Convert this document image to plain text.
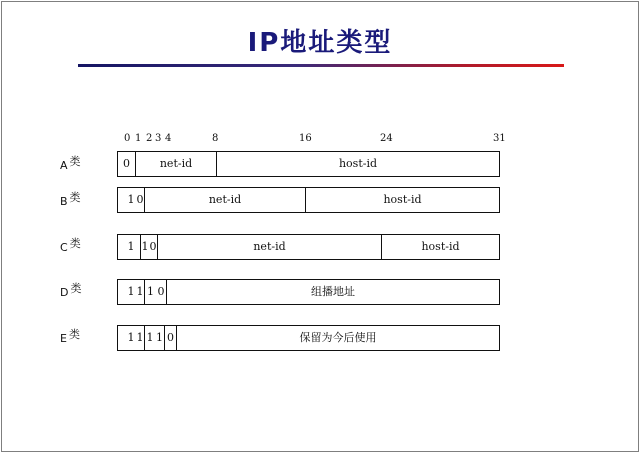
IP地址类型
0 1 2 3 4	8	16	24	31
A 类	0	net-id	host-id
B 类	1 0	net-id	host-id
C 类	1 1 0	net-id	host-id
D 类	1 1 1 0	组播地址
E 类	1 1 1 1 0	保留为今后使用
